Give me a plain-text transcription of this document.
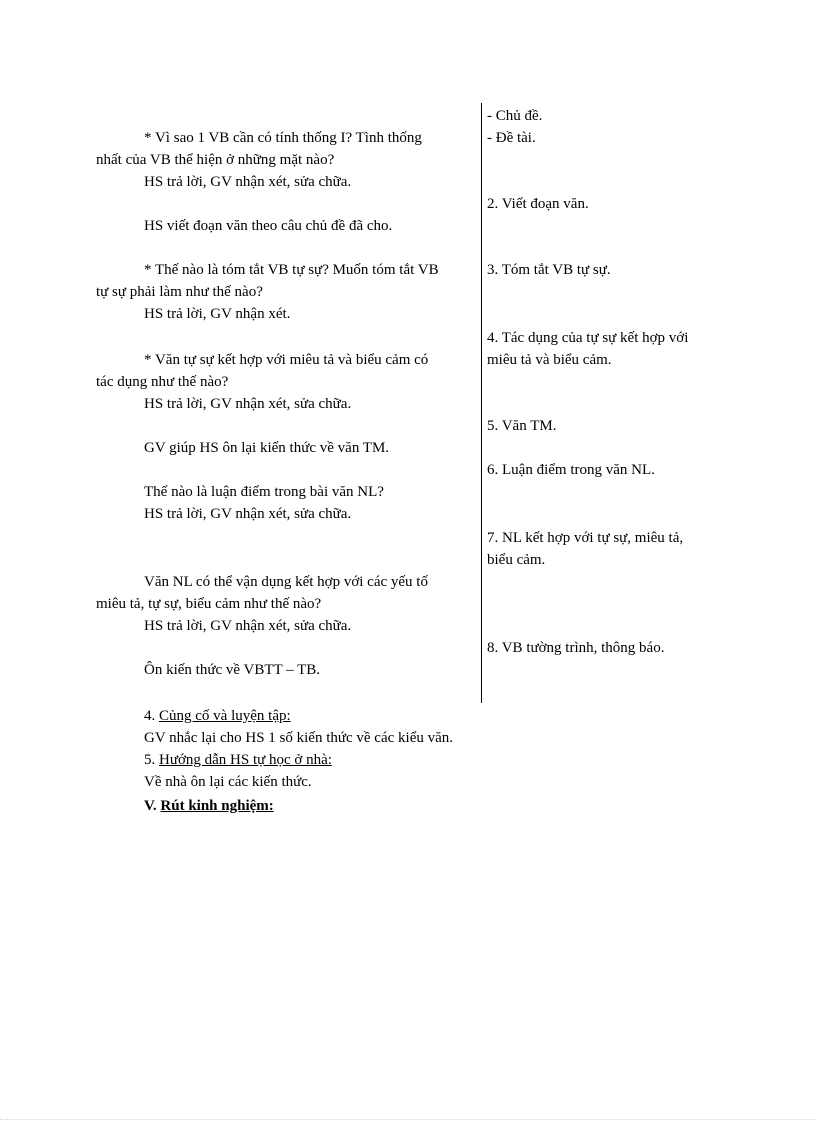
* Vì sao 1 VB cần có tính thống I? Tình thống
nhất của VB thể hiện ở những mặt nào?
HS trả lời, GV nhận xét, sửa chữa.
HS viết đoạn văn theo câu chủ đề đã cho.
* Thế nào là tóm tắt VB tự sự? Muốn tóm tắt VB
tự sự phải làm như thế nào?
HS trả lời, GV nhận xét.
* Văn tự sự kết hợp với miêu tả và biểu cảm có
tác dụng như thế nào?
HS trả lời, GV nhận xét, sửa chữa.
GV giúp HS ôn lại kiến thức về văn TM.
Thế nào là luận điểm trong bài văn NL?
HS trả lời, GV nhận xét, sửa chữa.
Văn NL có thể vận dụng kết hợp với các yếu tố
miêu tả, tự sự, biểu cảm như thế nào?
HS trả lời, GV nhận xét, sửa chữa.
Ôn kiến thức về VBTT – TB.
- Chủ đề.
- Đề tài.
2. Viết đoạn văn.
3. Tóm tắt VB tự sự.
4. Tác dụng của tự sự kết hợp với
miêu tả và biểu cảm.
5. Văn TM.
6. Luận điểm trong văn NL.
7. NL kết hợp với tự sự, miêu tả,
biểu cảm.
8. VB tường trình, thông báo.
4. Củng cố và luyện tập:
GV nhắc lại cho HS 1 số kiến thức về các kiểu văn.
5. Hướng dẫn HS tự học ở nhà:
Về nhà ôn lại các kiến thức.
V. Rút kinh nghiệm:
